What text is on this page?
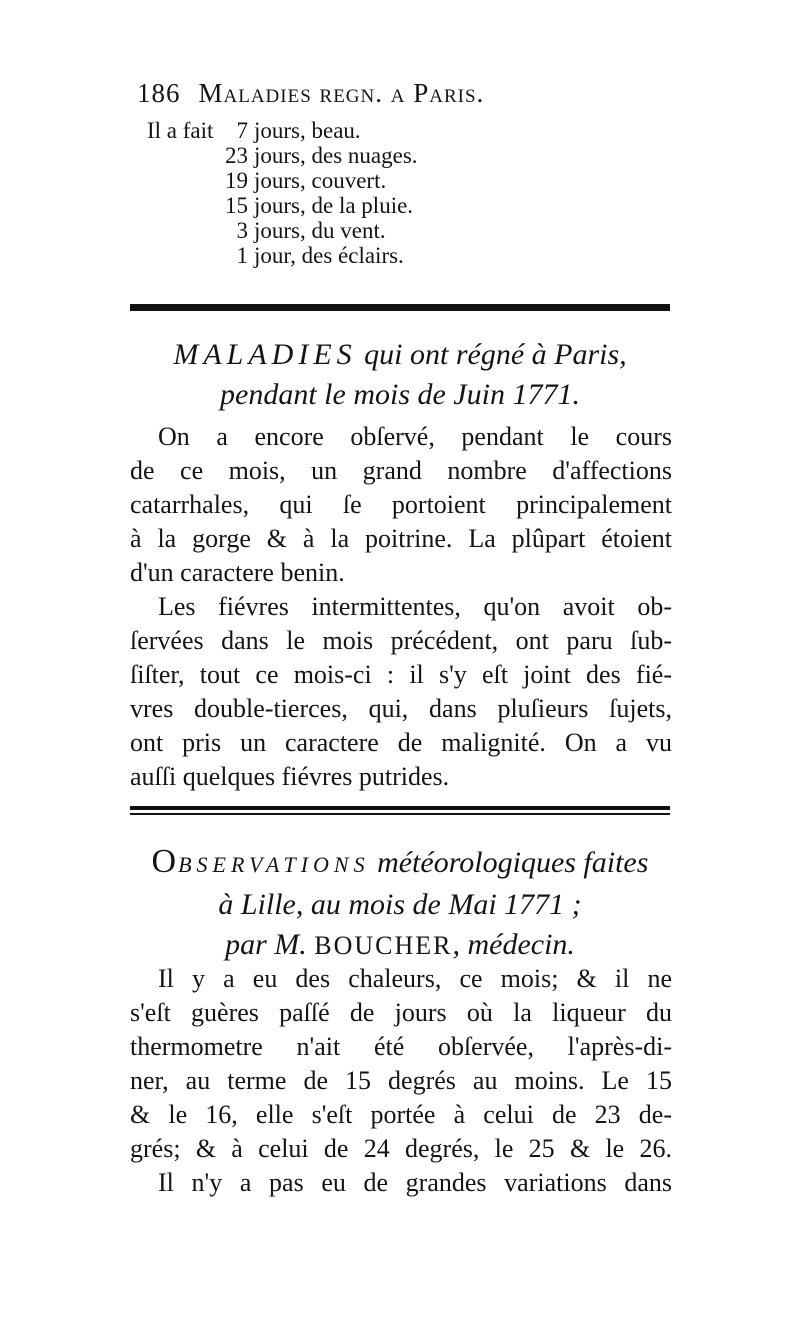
186 Maladies regn. a Paris.
Il a fait	7 jours, beau.
23 jours, des nuages.
19 jours, couvert.
15 jours, de la pluie.
3 jours, du vent.
1 jour, des éclairs.
MALADIES qui ont régné à Paris,
pendant le mois de Juin 1771.
On a encore obſervé, pendant le cours
de ce mois, un grand nombre d'affections
catarrhales, qui ſe portoient principalement
à la gorge & à la poitrine. La plûpart étoient
d'un caractere benin.
Les fiévres intermittentes, qu'on avoit ob-
ſervées dans le mois précédent, ont paru ſub-
ſiſter, tout ce mois-ci : il s'y eſt joint des fié-
vres double-tierces, qui, dans pluſieurs ſujets,
ont pris un caractere de malignité. On a vu
auſſi quelques fiévres putrides.
OBSERVATIONS météorologiques faites
à Lille, au mois de Mai 1771 ;
par M. BOUCHER, médecin.
Il y a eu des chaleurs, ce mois; & il ne
s'eſt guères paſſé de jours où la liqueur du
thermometre n'ait été obſervée, l'après-di-
ner, au terme de 15 degrés au moins. Le 15
& le 16, elle s'eſt portée à celui de 23 de-
grés; & à celui de 24 degrés, le 25 & le 26.
Il n'y a pas eu de grandes variations dans
